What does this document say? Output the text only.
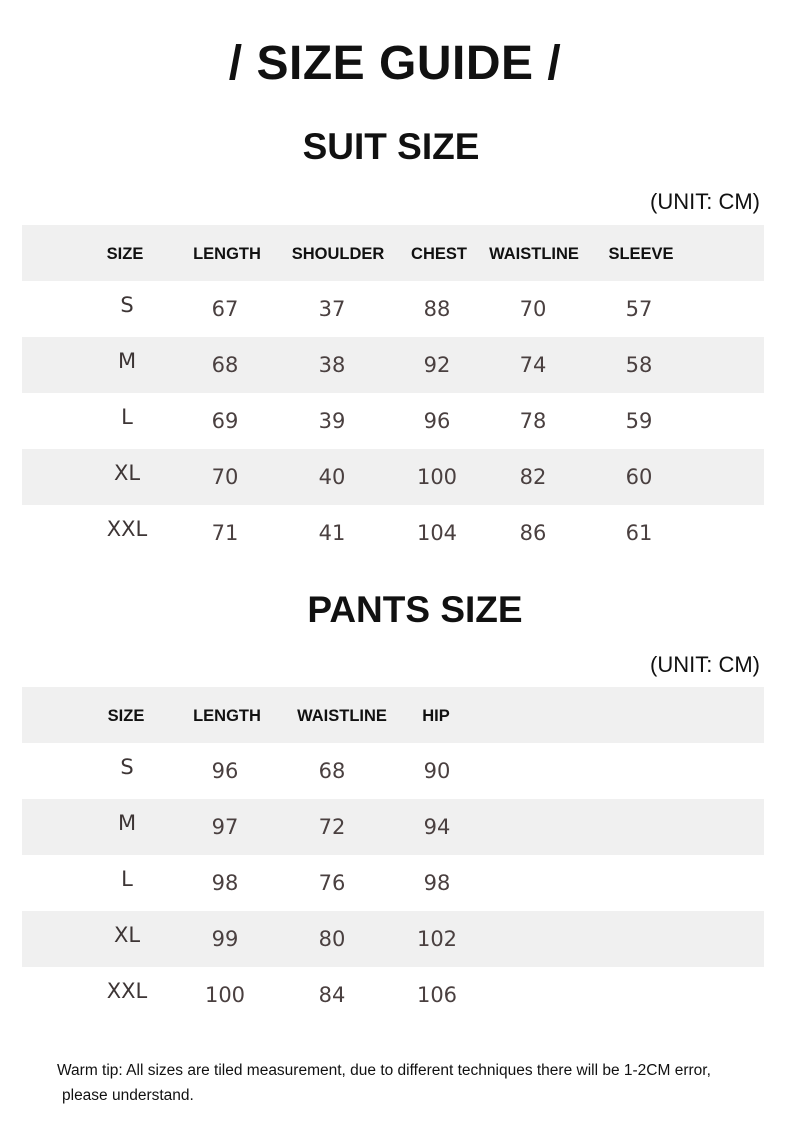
/ SIZE GUIDE /
SUIT SIZE
(UNIT: CM)
SIZE	LENGTH SHOULDER CHEST WAISTLINE SLEEVE
S	67	37	88	70	57
M	68	38	92	74	58
L	69	39	96	78	59
XL	70	40	100	82	60
XXL	71	41	104	86	61
PANTS SIZE
(UNIT: CM)
SIZE	LENGTH WAISTLINE HIP
S	96	68	90
M	97	72	94
L	98	76	98
XL	99	80	102
XXL	100	84	106
Warm tip: All sizes are tiled measurement, due to different techniques there will be 1-2CM error,
please understand.
